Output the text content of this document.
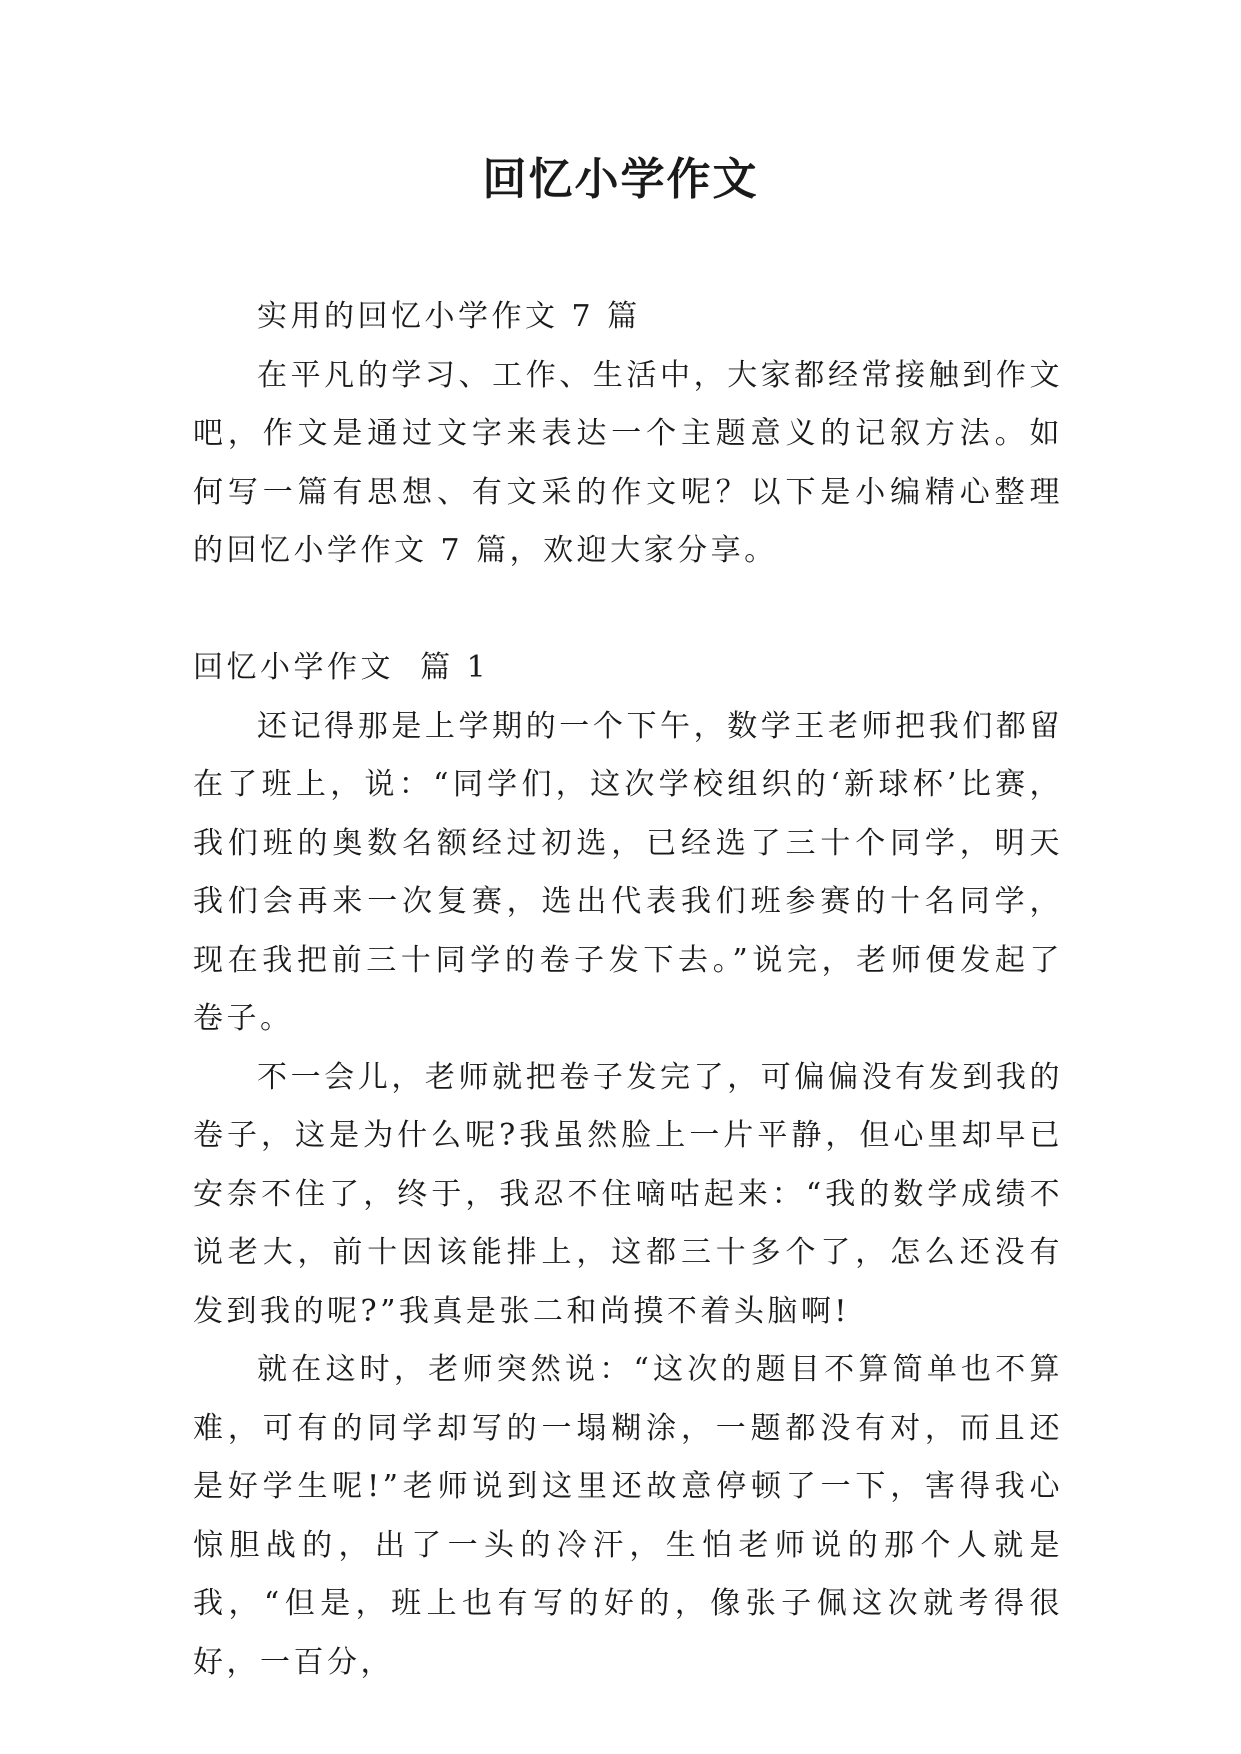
回忆小学作文

实用的回忆小学作文 7 篇

在平凡的学习、工作、生活中，大家都经常接触到作文吧，作文是通过文字来表达一个主题意义的记叙方法。如何写一篇有思想、有文采的作文呢？以下是小编精心整理的回忆小学作文 7 篇，欢迎大家分享。

回忆小学作文  篇 1

还记得那是上学期的一个下午，数学王老师把我们都留在了班上，说：“同学们，这次学校组织的‘新球杯’比赛，我们班的奥数名额经过初选，已经选了三十个同学，明天我们会再来一次复赛，选出代表我们班参赛的十名同学，现在我把前三十同学的卷子发下去。”说完，老师便发起了卷子。

不一会儿，老师就把卷子发完了，可偏偏没有发到我的卷子，这是为什么呢?我虽然脸上一片平静，但心里却早已安奈不住了，终于，我忍不住嘀咕起来：“我的数学成绩不说老大，前十因该能排上，这都三十多个了，怎么还没有发到我的呢?”我真是张二和尚摸不着头脑啊!

就在这时，老师突然说：“这次的题目不算简单也不算难，可有的同学却写的一塌糊涂，一题都没有对，而且还是好学生呢!”老师说到这里还故意停顿了一下，害得我心惊胆战的，出了一头的冷汗，生怕老师说的那个人就是我，“但是，班上也有写的好的，像张子佩这次就考得很好，一百分，
